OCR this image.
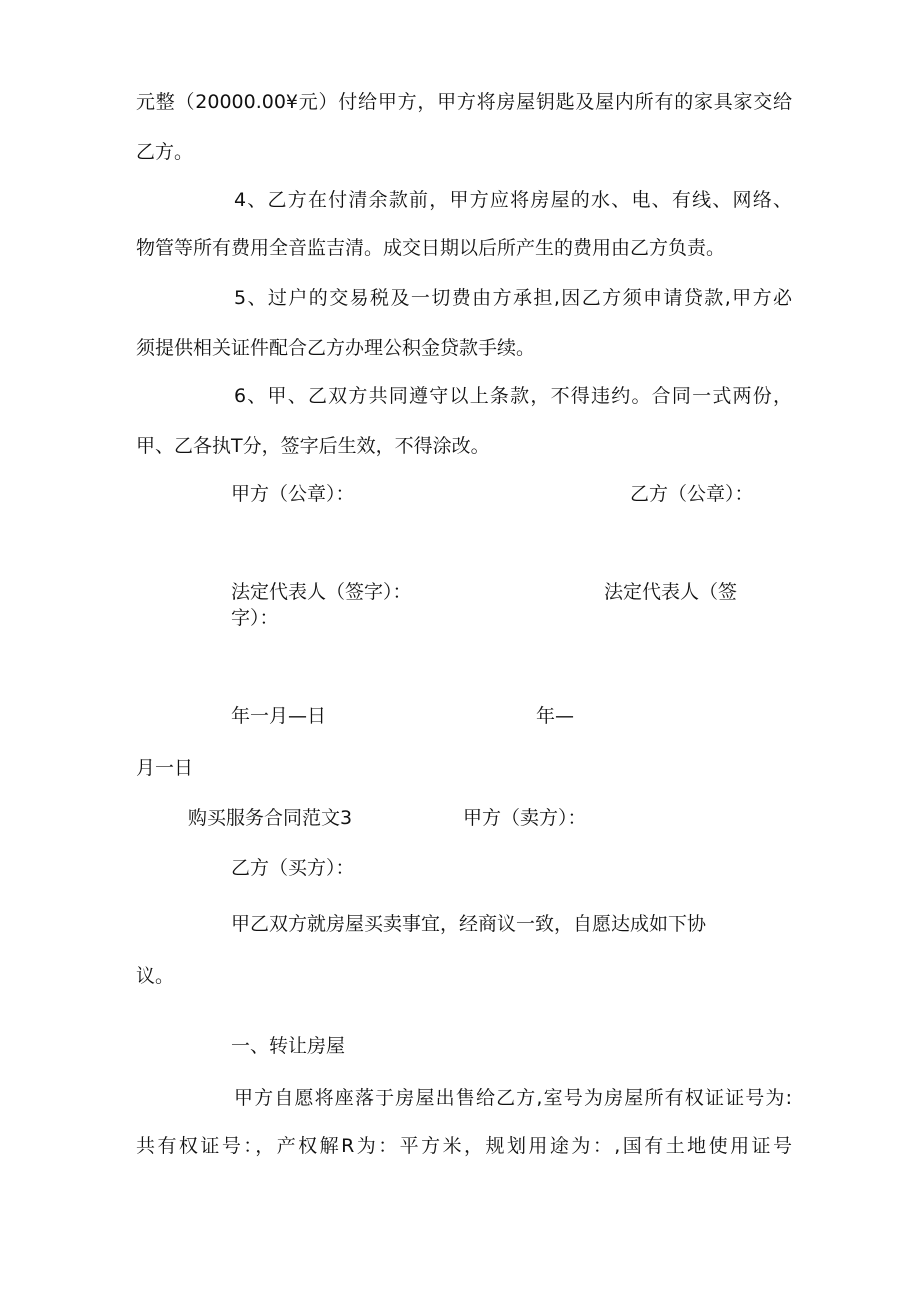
元整（20000.00¥元）付给甲方，甲方将房屋钥匙及屋内所有的家具家交给

乙方。

4、乙方在付清余款前，甲方应将房屋的水、电、有线、网络、

物管等所有费用全音监吉清。成交日期以后所产生的费用由乙方负责。

5、过户的交易税及一切费由方承担,因乙方须申请贷款,甲方必

须提供相关证件配合乙方办理公积金贷款手续。

6、甲、乙双方共同遵守以上条款，不得违约。合同一式两份，

甲、乙各执T分，签字后生效，不得涂改。

甲方（公章）：	乙方（公章）：

法定代表人（签字）：	法定代表人（签

字）：

年一月—日	年—

月一日

购买服务合同范文3	甲方（卖方）：

乙方（买方）：

甲乙双方就房屋买卖事宜，经商议一致，自愿达成如下协

议。

一、转让房屋

甲方自愿将座落于房屋出售给乙方,室号为房屋所有权证证号为:

共有权证号：，产权解R为：平方米，规划用途为：,国有土地使用证号
